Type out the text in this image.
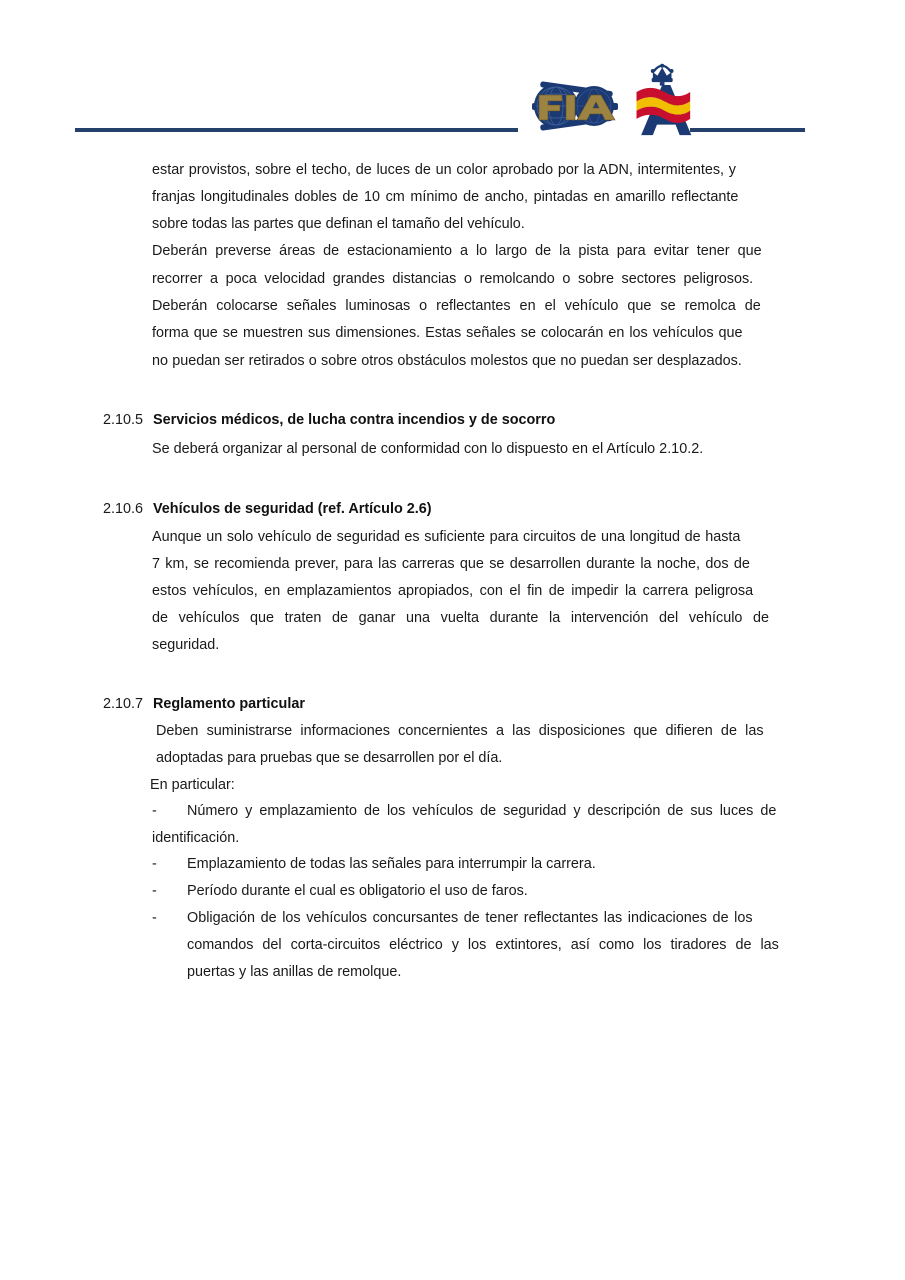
estar provistos, sobre el techo, de luces de un color aprobado por la ADN, intermitentes, y
franjas longitudinales dobles de 10 cm mínimo de ancho, pintadas en amarillo reflectante
sobre todas las partes que definan el tamaño del vehículo.
Deberán preverse áreas de estacionamiento a lo largo de la pista para evitar tener que
recorrer a poca velocidad grandes distancias o remolcando o sobre sectores peligrosos.
Deberán colocarse señales luminosas o reflectantes en el vehículo que se remolca de
forma que se muestren sus dimensiones. Estas señales se colocarán en los vehículos que
no puedan ser retirados o sobre otros obstáculos molestos que no puedan ser desplazados.
2.10.5 Servicios médicos, de lucha contra incendios y de socorro
Se deberá organizar al personal de conformidad con lo dispuesto en el Artículo 2.10.2.
2.10.6 Vehículos de seguridad (ref. Artículo 2.6)
Aunque un solo vehículo de seguridad es suficiente para circuitos de una longitud de hasta
7 km, se recomienda prever, para las carreras que se desarrollen durante la noche, dos de
estos vehículos, en emplazamientos apropiados, con el fin de impedir la carrera peligrosa
de vehículos que traten de ganar una vuelta durante la intervención del vehículo de
seguridad.
2.10.7 Reglamento particular
Deben suministrarse informaciones concernientes a las disposiciones que difieren de las
adoptadas para pruebas que se desarrollen por el día.
En particular:
- Número y emplazamiento de los vehículos de seguridad y descripción de sus luces de
identificación.
- Emplazamiento de todas las señales para interrumpir la carrera.
- Período durante el cual es obligatorio el uso de faros.
- Obligación de los vehículos concursantes de tener reflectantes las indicaciones de los
comandos del corta-circuitos eléctrico y los extintores, así como los tiradores de las
puertas y las anillas de remolque.
